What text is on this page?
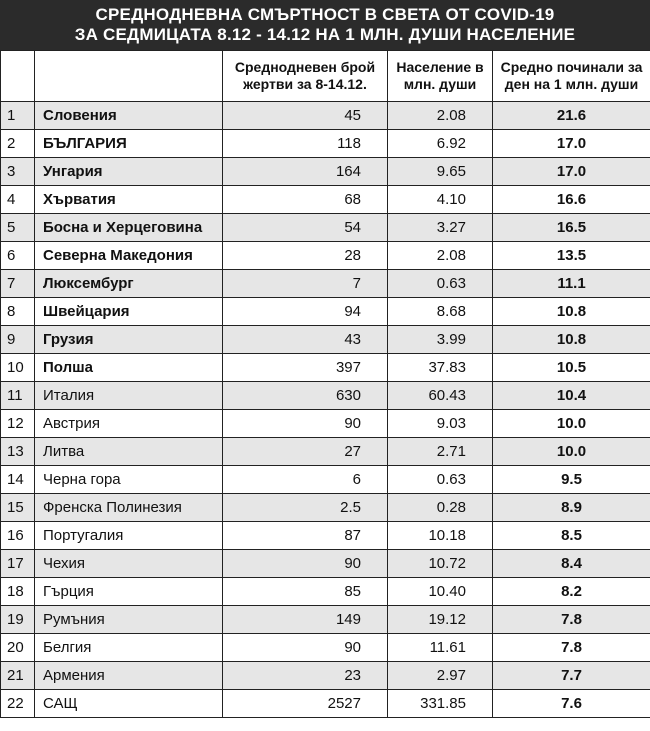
СРЕДНОДНЕВНА СМЪРТНОСТ В СВЕТА ОТ COVID-19
ЗА СЕДМИЦАТА 8.12 - 14.12 НА 1 МЛН. ДУШИ НАСЕЛЕНИЕ
		Среднодневен брой жертви за 8-14.12.	Население в млн. души	Средно починали за ден на 1 млн. души
1	Словения	45	2.08	21.6
2	БЪЛГАРИЯ	118	6.92	17.0
3	Унгария	164	9.65	17.0
4	Хърватия	68	4.10	16.6
5	Босна и Херцеговина	54	3.27	16.5
6	Северна Македония	28	2.08	13.5
7	Люксембург	7	0.63	11.1
8	Швейцария	94	8.68	10.8
9	Грузия	43	3.99	10.8
10	Полша	397	37.83	10.5
11	Италия	630	60.43	10.4
12	Австрия	90	9.03	10.0
13	Литва	27	2.71	10.0
14	Черна гора	6	0.63	9.5
15	Френска Полинезия	2.5	0.28	8.9
16	Португалия	87	10.18	8.5
17	Чехия	90	10.72	8.4
18	Гърция	85	10.40	8.2
19	Румъния	149	19.12	7.8
20	Белгия	90	11.61	7.8
21	Армения	23	2.97	7.7
22	САЩ	2527	331.85	7.6
